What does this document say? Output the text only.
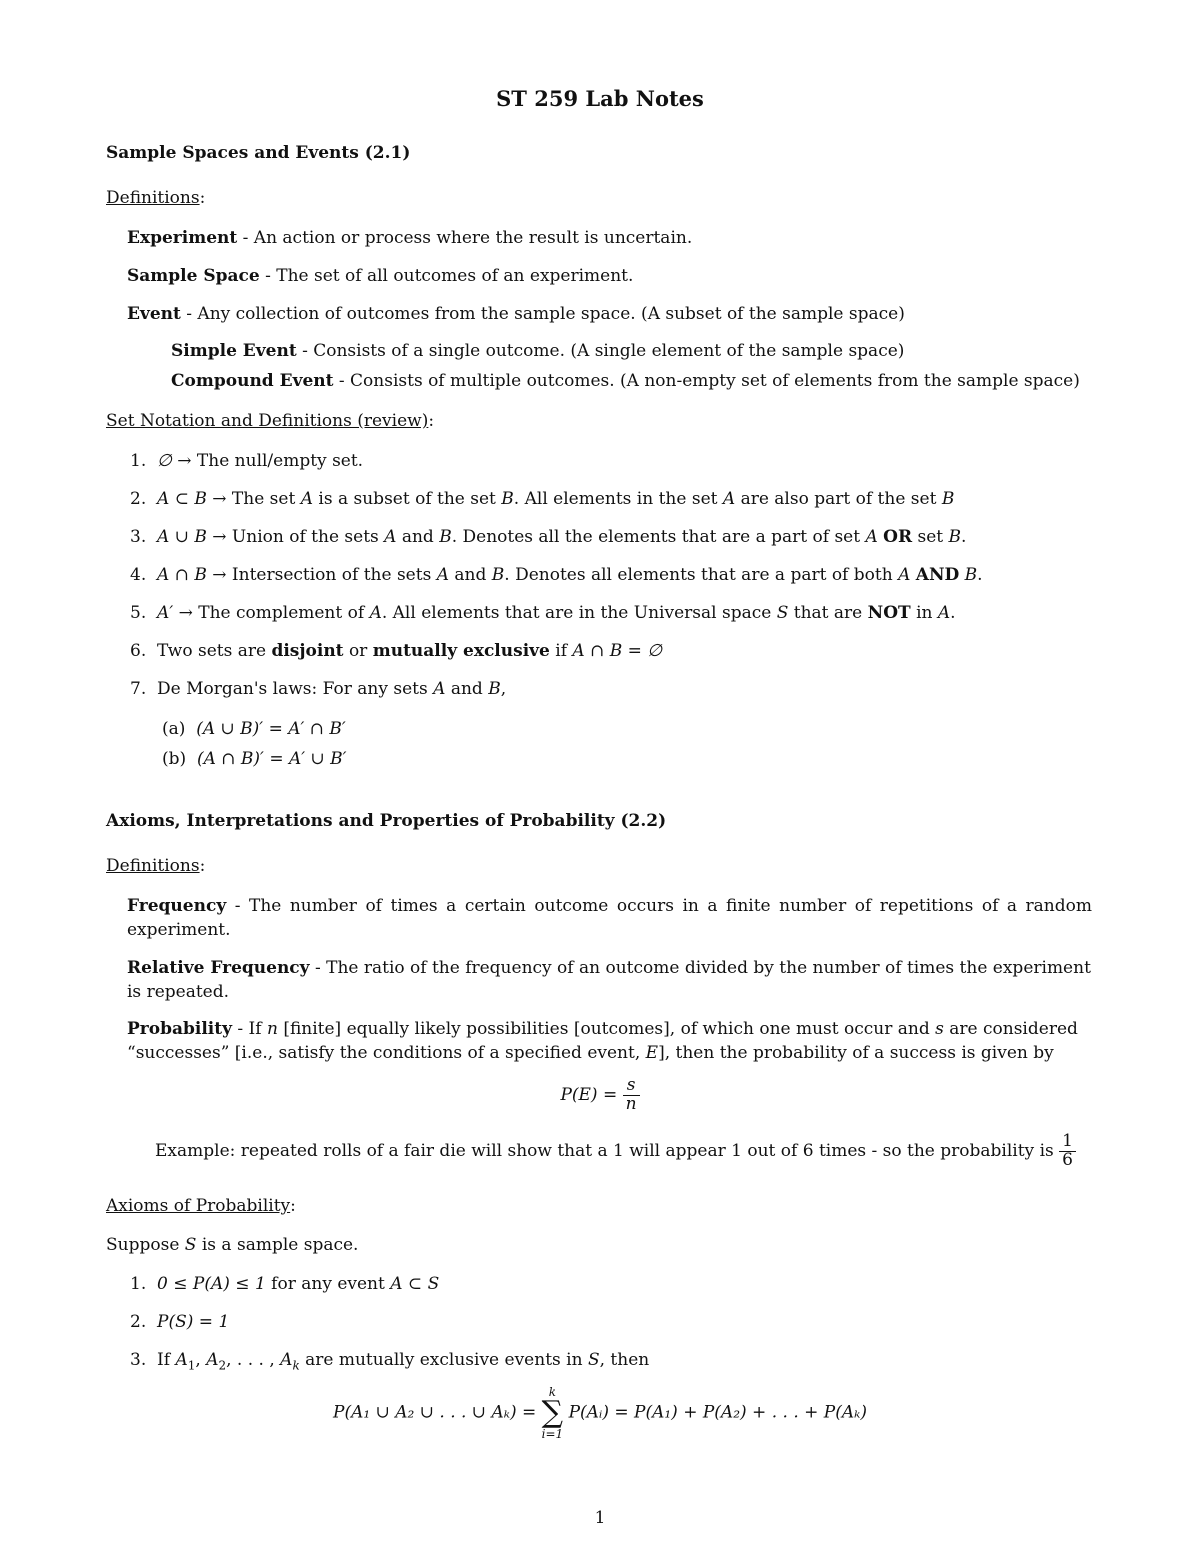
ST 259 Lab Notes
Sample Spaces and Events (2.1)
Definitions:
Experiment - An action or process where the result is uncertain.
Sample Space - The set of all outcomes of an experiment.
Event - Any collection of outcomes from the sample space. (A subset of the sample space)
Simple Event - Consists of a single outcome. (A single element of the sample space)
Compound Event - Consists of multiple outcomes. (A non-empty set of elements from the sample space)
Set Notation and Definitions (review):
1. ∅ → The null/empty set.
2. A ⊂ B → The set A is a subset of the set B. All elements in the set A are also part of the set B
3. A ∪ B → Union of the sets A and B. Denotes all the elements that are a part of set A OR set B.
4. A ∩ B → Intersection of the sets A and B. Denotes all elements that are a part of both A AND B.
5. A′ → The complement of A. All elements that are in the Universal space S that are NOT in A.
6. Two sets are disjoint or mutually exclusive if A ∩ B = ∅
7. De Morgan's laws: For any sets A and B,
(a) (A ∪ B)′ = A′ ∩ B′
(b) (A ∩ B)′ = A′ ∪ B′
Axioms, Interpretations and Properties of Probability (2.2)
Definitions:
Frequency - The number of times a certain outcome occurs in a finite number of repetitions of a random experiment.
Relative Frequency - The ratio of the frequency of an outcome divided by the number of times the experiment is repeated.
Probability - If n [finite] equally likely possibilities [outcomes], of which one must occur and s are considered “successes” [i.e., satisfy the conditions of a specified event, E], then the probability of a success is given by
$P(E) = \frac{s}{n}$
Example: repeated rolls of a fair die will show that a 1 will appear 1 out of 6 times - so the probability is $\frac{1}{6}$
Axioms of Probability:
Suppose S is a sample space.
1. 0 ≤ P(A) ≤ 1 for any event A ⊂ S
2. P(S) = 1
3. If $A_1$, $A_2$, . . . , $A_k$ are mutually exclusive events in S, then
P(A₁ ∪ A₂ ∪ . . . ∪ Aₖ) =
k
∑
i=1
P(Aᵢ) = P(A₁) + P(A₂) + . . . + P(Aₖ)
1
